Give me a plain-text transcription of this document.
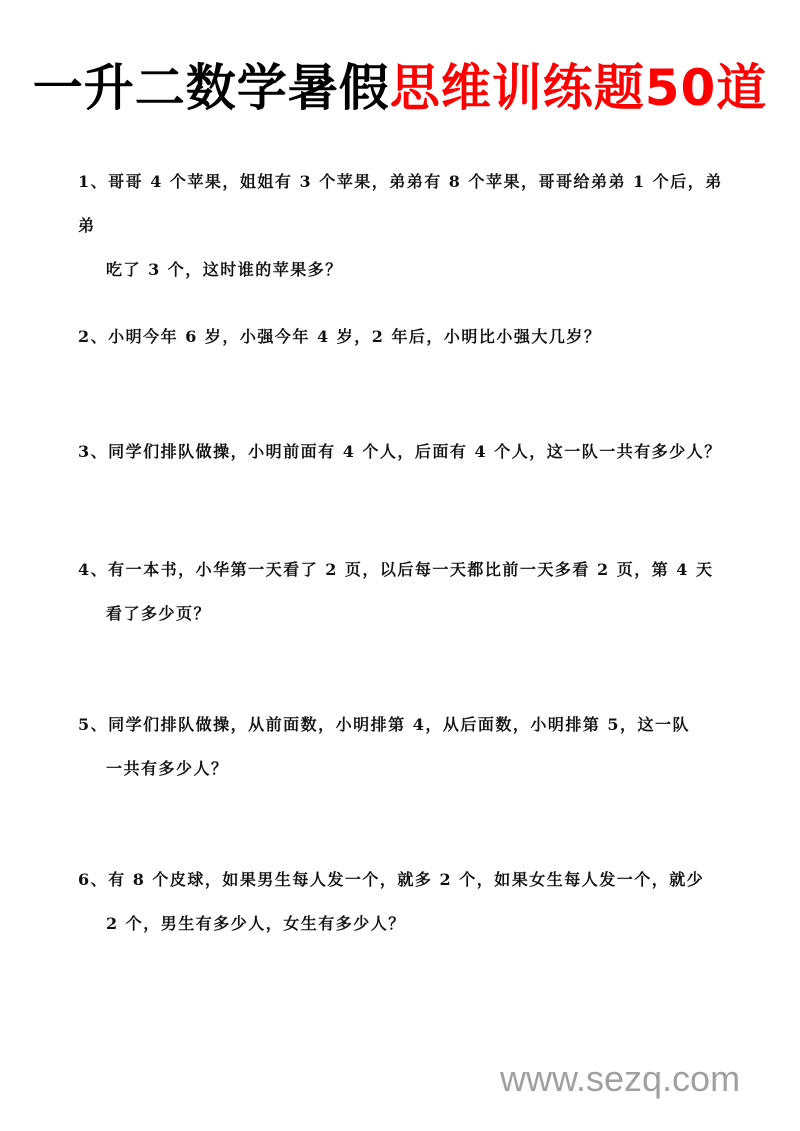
一升二数学暑假思维训练题50道
1、哥哥 4 个苹果，姐姐有 3 个苹果，弟弟有 8 个苹果，哥哥给弟弟 1 个后，弟弟
吃了 3 个，这时谁的苹果多？
2、小明今年 6 岁，小强今年 4 岁，2 年后，小明比小强大几岁？
3、同学们排队做操，小明前面有 4 个人，后面有 4 个人，这一队一共有多少人？
4、有一本书，小华第一天看了 2 页，以后每一天都比前一天多看 2 页，第 4 天
看了多少页？
5、同学们排队做操，从前面数，小明排第 4，从后面数，小明排第 5，这一队
一共有多少人？
6、有 8 个皮球，如果男生每人发一个，就多 2 个，如果女生每人发一个，就少
2 个，男生有多少人，女生有多少人？
www.sezq.com
